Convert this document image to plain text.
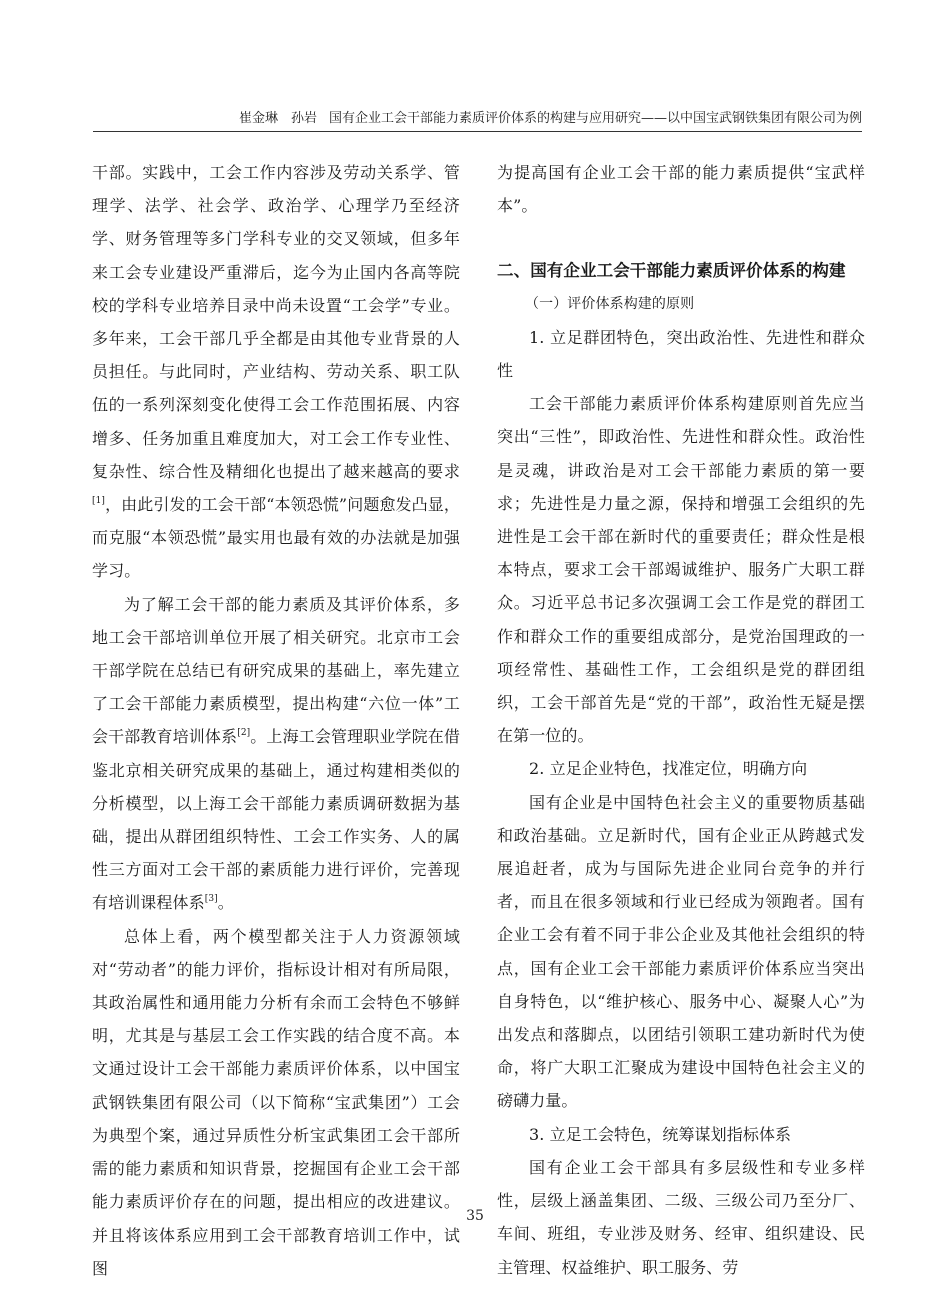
崔金琳　孙岩 国有企业工会干部能力素质评价体系的构建与应用研究——以中国宝武钢铁集团有限公司为例

干部。实践中，工会工作内容涉及劳动关系学、管理学、法学、社会学、政治学、心理学乃至经济学、财务管理等多门学科专业的交叉领域，但多年来工会专业建设严重滞后，迄今为止国内各高等院校的学科专业培养目录中尚未设置“工会学”专业。多年来，工会干部几乎全都是由其他专业背景的人员担任。与此同时，产业结构、劳动关系、职工队伍的一系列深刻变化使得工会工作范围拓展、内容增多、任务加重且难度加大，对工会工作专业性、复杂性、综合性及精细化也提出了越来越高的要求[1]，由此引发的工会干部“本领恐慌”问题愈发凸显，而克服“本领恐慌”最实用也最有效的办法就是加强学习。

为了解工会干部的能力素质及其评价体系，多地工会干部培训单位开展了相关研究。北京市工会干部学院在总结已有研究成果的基础上，率先建立了工会干部能力素质模型，提出构建“六位一体”工会干部教育培训体系[2]。上海工会管理职业学院在借鉴北京相关研究成果的基础上，通过构建相类似的分析模型，以上海工会干部能力素质调研数据为基础，提出从群团组织特性、工会工作实务、人的属性三方面对工会干部的素质能力进行评价，完善现有培训课程体系[3]。

总体上看，两个模型都关注于人力资源领域对“劳动者”的能力评价，指标设计相对有所局限，其政治属性和通用能力分析有余而工会特色不够鲜明，尤其是与基层工会工作实践的结合度不高。本文通过设计工会干部能力素质评价体系，以中国宝武钢铁集团有限公司（以下简称“宝武集团”）工会为典型个案，通过异质性分析宝武集团工会干部所需的能力素质和知识背景，挖掘国有企业工会干部能力素质评价存在的问题，提出相应的改进建议。并且将该体系应用到工会干部教育培训工作中，试图

为提高国有企业工会干部的能力素质提供“宝武样本”。

二、国有企业工会干部能力素质评价体系的构建

（一）评价体系构建的原则

1. 立足群团特色，突出政治性、先进性和群众性

工会干部能力素质评价体系构建原则首先应当突出“三性”，即政治性、先进性和群众性。政治性是灵魂，讲政治是对工会干部能力素质的第一要求；先进性是力量之源，保持和增强工会组织的先进性是工会干部在新时代的重要责任；群众性是根本特点，要求工会干部竭诚维护、服务广大职工群众。习近平总书记多次强调工会工作是党的群团工作和群众工作的重要组成部分，是党治国理政的一项经常性、基础性工作，工会组织是党的群团组织，工会干部首先是“党的干部”，政治性无疑是摆在第一位的。

2. 立足企业特色，找准定位，明确方向

国有企业是中国特色社会主义的重要物质基础和政治基础。立足新时代，国有企业正从跨越式发展追赶者，成为与国际先进企业同台竞争的并行者，而且在很多领域和行业已经成为领跑者。国有企业工会有着不同于非公企业及其他社会组织的特点，国有企业工会干部能力素质评价体系应当突出自身特色，以“维护核心、服务中心、凝聚人心”为出发点和落脚点，以团结引领职工建功新时代为使命，将广大职工汇聚成为建设中国特色社会主义的磅礴力量。

3. 立足工会特色，统筹谋划指标体系

国有企业工会干部具有多层级性和专业多样性，层级上涵盖集团、二级、三级公司乃至分厂、车间、班组，专业涉及财务、经审、组织建设、民主管理、权益维护、职工服务、劳

35
